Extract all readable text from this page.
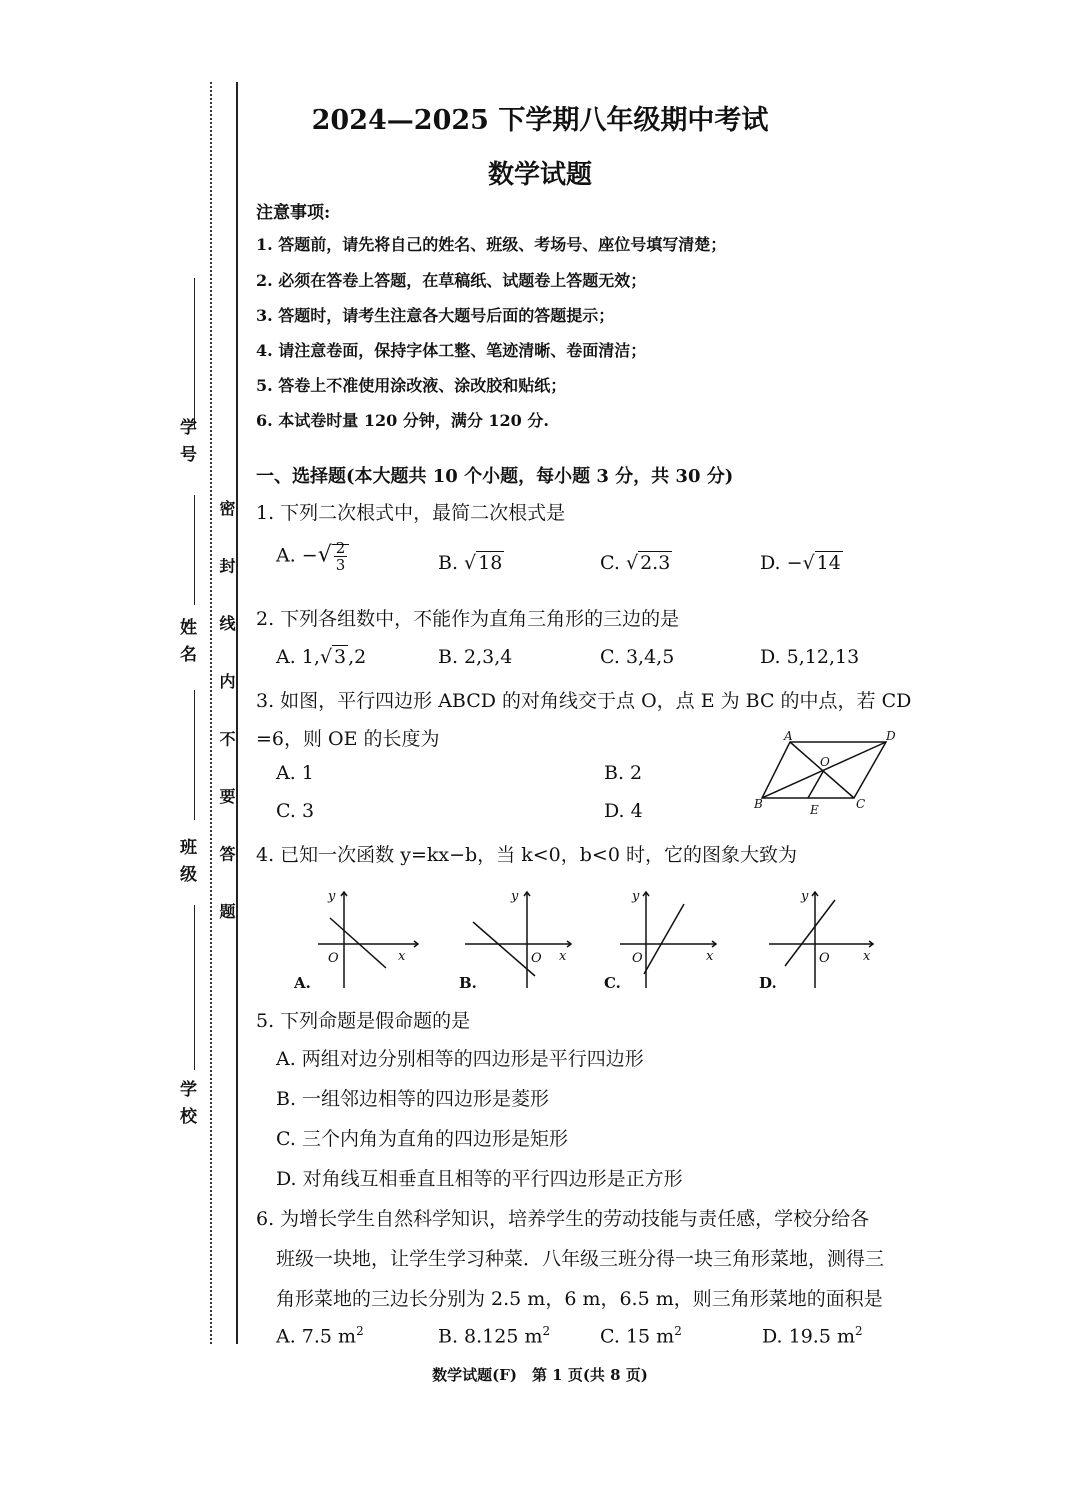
学 号
姓 名
班 级
学 校
密 封 线 内 不 要 答 题
2024—2025 下学期八年级期中考试
数学试题
注意事项:
1. 答题前，请先将自己的姓名、班级、考场号、座位号填写清楚；
2. 必须在答卷上答题，在草稿纸、试题卷上答题无效；
3. 答题时，请考生注意各大题号后面的答题提示；
4. 请注意卷面，保持字体工整、笔迹清晰、卷面清洁；
5. 答卷上不准使用涂改液、涂改胶和贴纸；
6. 本试卷时量 120 分钟，满分 120 分.
一、选择题(本大题共 10 个小题，每小题 3 分，共 30 分)
1. 下列二次根式中，最简二次根式是
A. −√ $\frac{2}{3}$	B. √ 18	C. √ 2.3	D. −√ 14
2. 下列各组数中，不能作为直角三角形的三边的是
A. 1,√ 3 ,2	B. 2,3,4	C. 3,4,5	D. 5,12,13
3. 如图，平行四边形 ABCD 的对角线交于点 O，点 E 为 BC 的中点，若 CD
=6，则 OE 的长度为
A. 1	B. 2
C. 3	D. 4
A	D
B	C
O
E
4. 已知一次函数 y=kx−b，当 k<0，b<0 时，它的图象大致为
y
x
O
A.
y
x
O
B.
y
x
O
C.
y
x
O
D.
5. 下列命题是假命题的是
A. 两组对边分别相等的四边形是平行四边形
B. 一组邻边相等的四边形是菱形
C. 三个内角为直角的四边形是矩形
D. 对角线互相垂直且相等的平行四边形是正方形
6. 为增长学生自然科学知识，培养学生的劳动技能与责任感，学校分给各
班级一块地，让学生学习种菜．八年级三班分得一块三角形菜地，测得三
角形菜地的三边长分别为 2.5 m，6 m，6.5 m，则三角形菜地的面积是
A. 7.5 $m^2$	B. 8.125 $m^2$	C. 15 $m^2$	D. 19.5 $m^2$
数学试题(F)　第 1 页(共 8 页)
